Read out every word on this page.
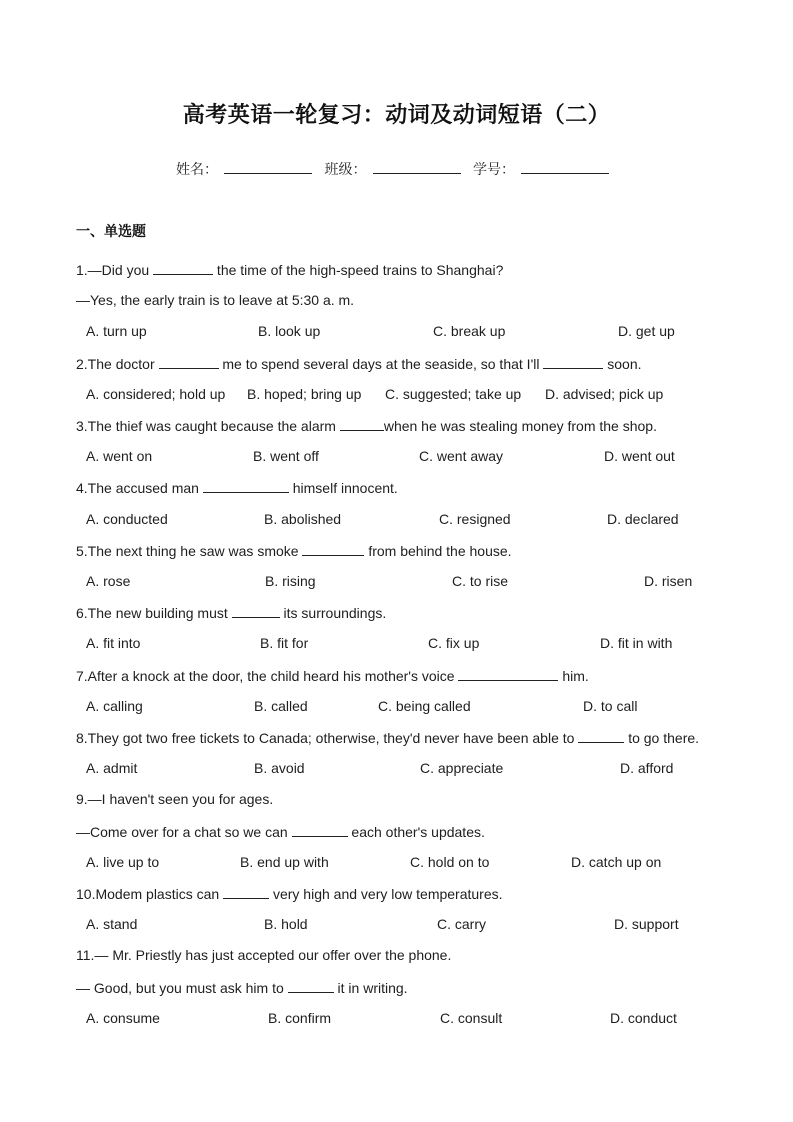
高考英语一轮复习：动词及动词短语（二）
姓名：	班级：	学号：
一、单选题
1.—Did you	the time of the high-speed trains to Shanghai?
—Yes, the early train is to leave at 5:30 a. m.
A. turn up	B. look up	C. break up	D. get up
2.The doctor	me to spend several days at the seaside, so that I'll	soon.
A. considered; hold up B. hoped; bring up C. suggested; take up D. advised; pick up
3.The thief was caught because the alarm	when he was stealing money from the shop.
A. went on	B. went off	C. went away	D. went out
4.The accused man	himself innocent.
A. conducted	B. abolished	C. resigned	D. declared
5.The next thing he saw was smoke	from behind the house.
A. rose	B. rising	C. to rise	D. risen
6.The new building must	its surroundings.
A. fit into	B. fit for	C. fix up	D. fit in with
7.After a knock at the door, the child heard his mother's voice	him.
A. calling	B. called	C. being called	D. to call
8.They got two free tickets to Canada; otherwise, they'd never have been able to	to go there.
A. admit	B. avoid	C. appreciate	D. afford
9.—I haven't seen you for ages.
—Come over for a chat so we can	each other's updates.
A. live up to	B. end up with	C. hold on to	D. catch up on
10.Modem plastics can	very high and very low temperatures.
A. stand	B. hold	C. carry	D. support
11.— Mr. Priestly has just accepted our offer over the phone.
— Good, but you must ask him to	it in writing.
A. consume	B. confirm	C. consult	D. conduct
